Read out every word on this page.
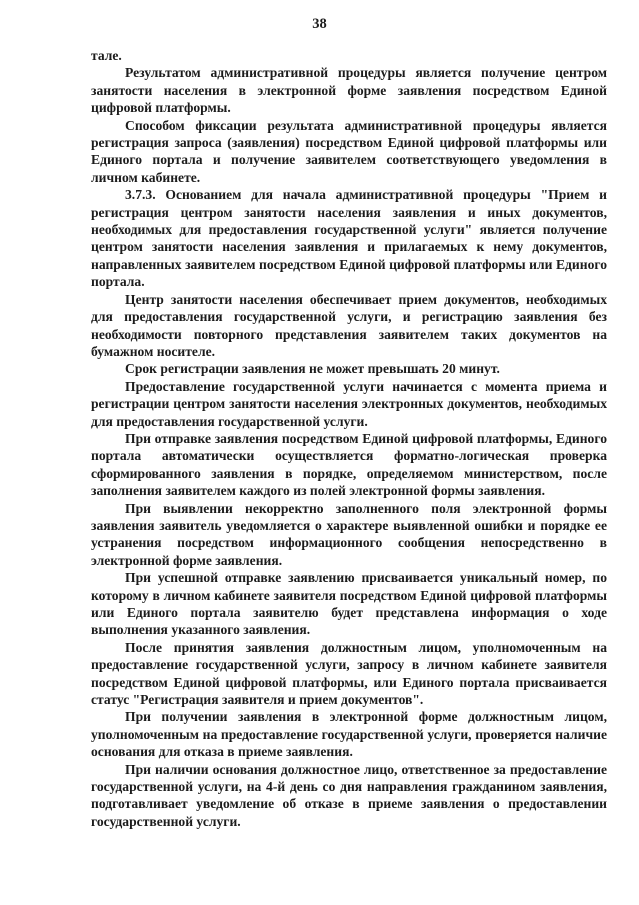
38

тале.

Результатом административной процедуры является получение центром занятости населения в электронной форме заявления посредством Единой цифровой платформы.

Способом фиксации результата административной процедуры является регистрация запроса (заявления) посредством Единой цифровой платформы или Единого портала и получение заявителем соответствующего уведомления в личном кабинете.

3.7.3. Основанием для начала административной процедуры "Прием и регистрация центром занятости населения заявления и иных документов, необходимых для предоставления государственной услуги" является получение центром занятости населения заявления и прилагаемых к нему документов, направленных заявителем посредством Единой цифровой платформы или Единого портала.

Центр занятости населения обеспечивает прием документов, необходимых для предоставления государственной услуги, и регистрацию заявления без необходимости повторного представления заявителем таких документов на бумажном носителе.

Срок регистрации заявления не может превышать 20 минут.

Предоставление государственной услуги начинается с момента приема и регистрации центром занятости населения электронных документов, необходимых для предоставления государственной услуги.

При отправке заявления посредством Единой цифровой платформы, Единого портала автоматически осуществляется форматно-логическая проверка сформированного заявления в порядке, определяемом министерством, после заполнения заявителем каждого из полей электронной формы заявления.

При выявлении некорректно заполненного поля электронной формы заявления заявитель уведомляется о характере выявленной ошибки и порядке ее устранения посредством информационного сообщения непосредственно в электронной форме заявления.

При успешной отправке заявлению присваивается уникальный номер, по которому в личном кабинете заявителя посредством Единой цифровой платформы или Единого портала заявителю будет представлена информация о ходе выполнения указанного заявления.

После принятия заявления должностным лицом, уполномоченным на предоставление государственной услуги, запросу в личном кабинете заявителя посредством Единой цифровой платформы, или Единого портала присваивается статус "Регистрация заявителя и прием документов".

При получении заявления в электронной форме должностным лицом, уполномоченным на предоставление государственной услуги, проверяется наличие основания для отказа в приеме заявления.

При наличии основания должностное лицо, ответственное за предоставление государственной услуги, на 4-й день со дня направления гражданином заявления, подготавливает уведомление об отказе в приеме заявления о предоставлении государственной услуги.
